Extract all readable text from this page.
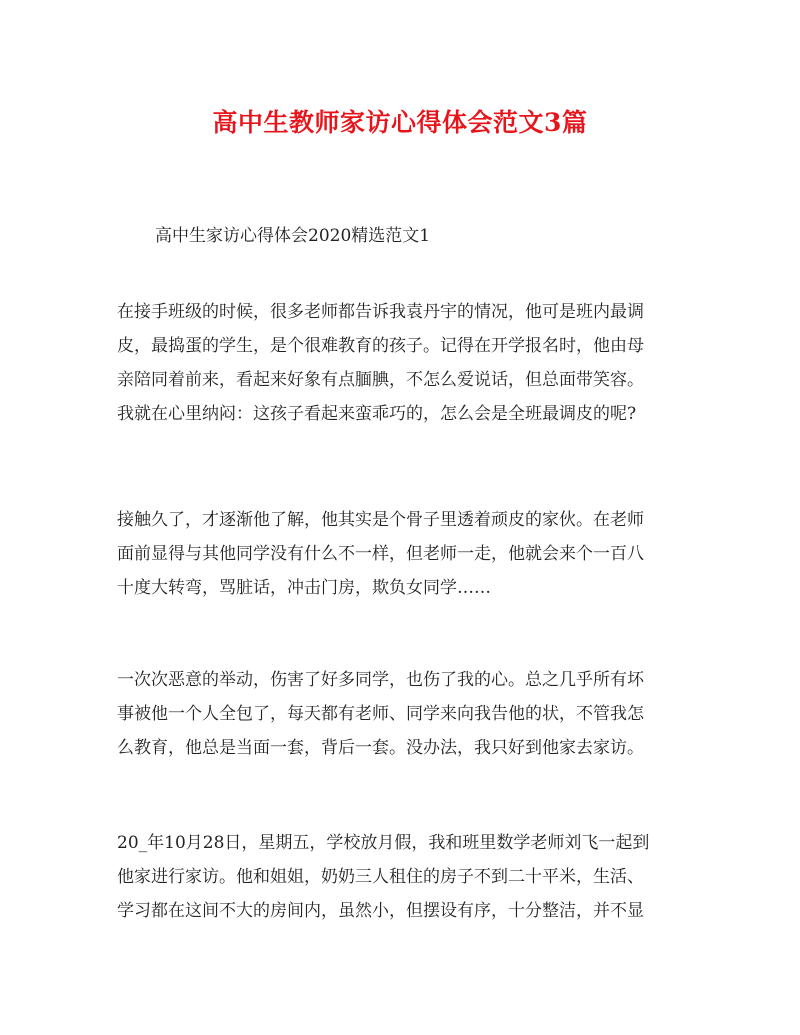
高中生教师家访心得体会范文3篇
高中生家访心得体会2020精选范文1
在接手班级的时候，很多老师都告诉我袁丹宇的情况，他可是班内最调
皮，最捣蛋的学生，是个很难教育的孩子。记得在开学报名时，他由母
亲陪同着前来，看起来好象有点腼腆，不怎么爱说话，但总面带笑容。
我就在心里纳闷：这孩子看起来蛮乖巧的，怎么会是全班最调皮的呢?
接触久了，才逐渐他了解，他其实是个骨子里透着顽皮的家伙。在老师
面前显得与其他同学没有什么不一样，但老师一走，他就会来个一百八
十度大转弯，骂脏话，冲击门房，欺负女同学……
一次次恶意的举动，伤害了好多同学，也伤了我的心。总之几乎所有坏
事被他一个人全包了，每天都有老师、同学来向我告他的状，不管我怎
么教育，他总是当面一套，背后一套。没办法，我只好到他家去家访。
20_年10月28日，星期五，学校放月假，我和班里数学老师刘飞一起到
他家进行家访。他和姐姐，奶奶三人租住的房子不到二十平米，生活、
学习都在这间不大的房间内，虽然小，但摆设有序，十分整洁，并不显
